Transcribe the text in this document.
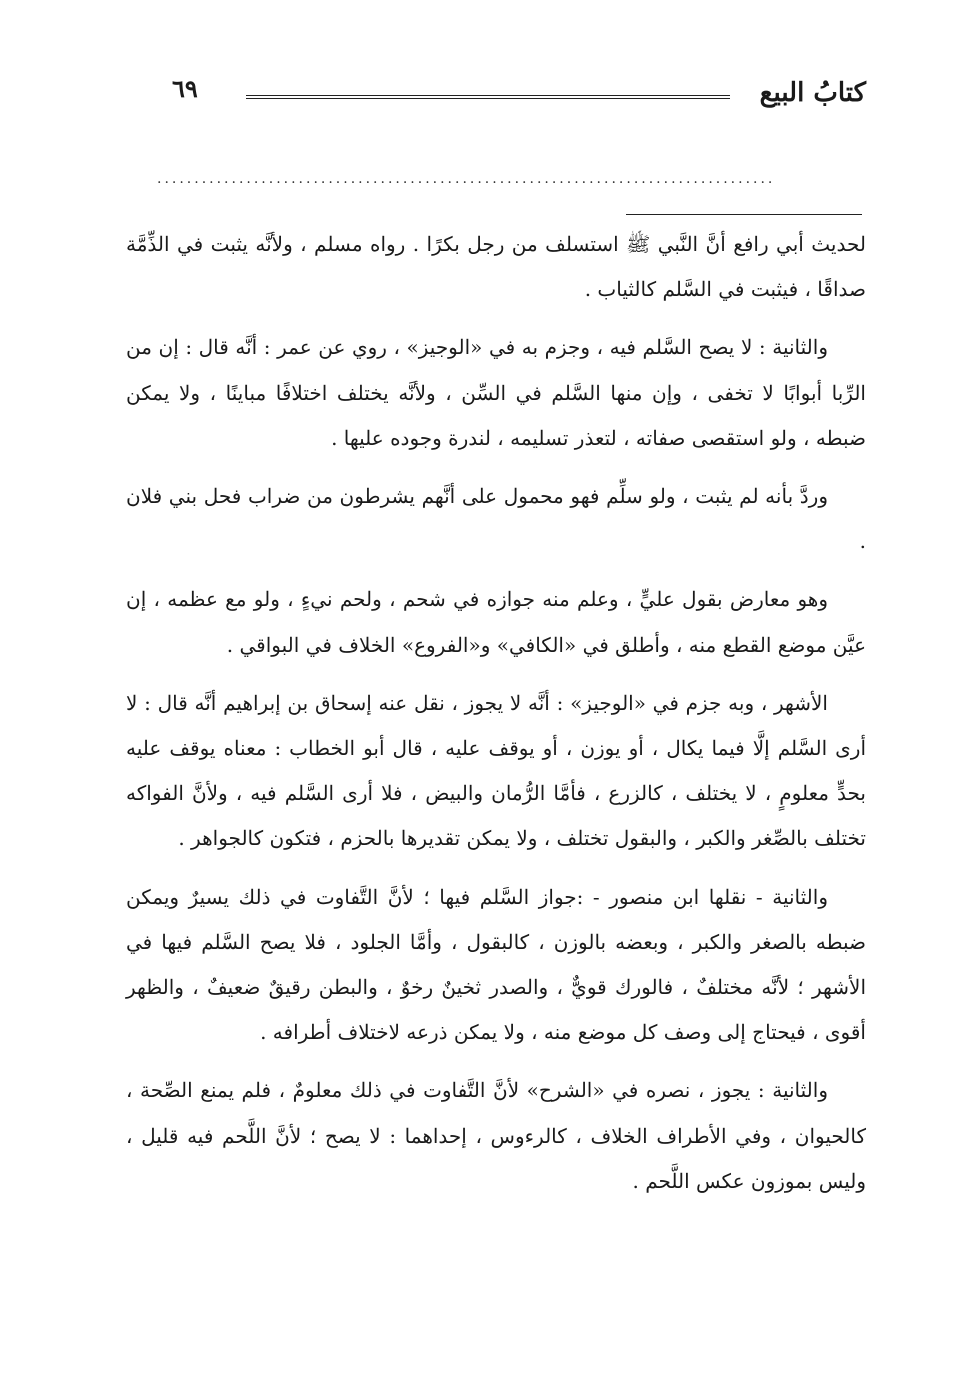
كتابُ البيع
٦٩
...................................................................................

لحديث أبي رافع أنَّ النَّبي ﷺ استسلف من رجل بكرًا . رواه مسلم ، ولأنَّه يثبت في الذِّمَّة صداقًا ، فيثبت في السَّلم كالثياب .

والثانية : لا يصح السَّلم فيه ، وجزم به في «الوجيز» ، روي عن عمر : أنَّه قال : إن من الرِّبا أبوابًا لا تخفى ، وإن منها السَّلم في السِّن ، ولأنَّه يختلف اختلافًا مباينًا ، ولا يمكن ضبطه ، ولو استقصى صفاته ، لتعذر تسليمه ، لندرة وجوده عليها .

وردَّ بأنه لم يثبت ، ولو سلِّم فهو محمول على أنَّهم يشرطون من ضراب فحل بني فلان .

وهو معارض بقول عليٍّ ، وعلم منه جوازه في شحم ، ولحم نيءٍ ، ولو مع عظمه ، إن عيَّن موضع القطع منه ، وأطلق في «الكافي» و«الفروع» الخلاف في البواقي .

الأشهر ، وبه جزم في «الوجيز» : أنَّه لا يجوز ، نقل عنه إسحاق بن إبراهيم أنَّه قال : لا أرى السَّلم إلَّا فيما يكال ، أو يوزن ، أو يوقف عليه ، قال أبو الخطاب : معناه يوقف عليه بحدٍّ معلومٍ ، لا يختلف ، كالزرع ، فأمَّا الرُّمان والبيض ، فلا أرى السَّلم فيه ، ولأنَّ الفواكه تختلف بالصِّغر والكبر ، والبقول تختلف ، ولا يمكن تقديرها بالحزم ، فتكون كالجواهر .

والثانية - نقلها ابن منصور - :جواز السَّلم فيها ؛ لأنَّ التَّفاوت في ذلك يسيرٌ ويمكن ضبطه بالصغر والكبر ، وبعضه بالوزن ، كالبقول ، وأمَّا الجلود ، فلا يصح السَّلم فيها في الأشهر ؛ لأنَّه مختلفٌ ، فالورك قويٌّ ، والصدر ثخينٌ رخوٌ ، والبطن رقيقٌ ضعيفٌ ، والظهر أقوى ، فيحتاج إلى وصف كل موضع منه ، ولا يمكن ذرعه لاختلاف أطرافه .

والثانية : يجوز ، نصره في «الشرح» لأنَّ التَّفاوت في ذلك معلومٌ ، فلم يمنع الصِّحة ، كالحيوان ، وفي الأطراف الخلاف ، كالرءوس ، إحداهما : لا يصح ؛ لأنَّ اللَّحم فيه قليل ، وليس بموزون عكس اللَّحم .
